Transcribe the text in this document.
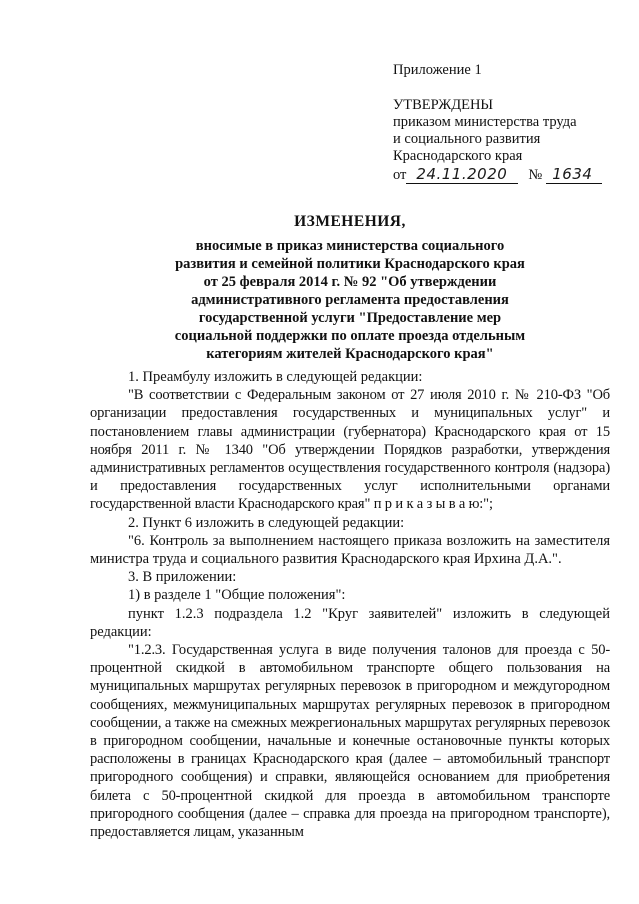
Приложение 1
УТВЕРЖДЕНЫ
приказом министерства труда
и социального развития
Краснодарского края
от 24.11.2020 № 1634
ИЗМЕНЕНИЯ,
вносимые в приказ министерства социального
развития и семейной политики Краснодарского края
от 25 февраля 2014 г. № 92 "Об утверждении
административного регламента предоставления
государственной услуги "Предоставление мер
социальной поддержки по оплате проезда отдельным
категориям жителей Краснодарского края"

1. Преамбулу изложить в следующей редакции:

"В соответствии с Федеральным законом от 27 июля 2010 г. № 210-ФЗ "Об организации предоставления государственных и муниципальных услуг" и постановлением главы администрации (губернатора) Краснодарского края от 15 ноября 2011 г. № 1340 "Об утверждении Порядков разработки, утверждения административных регламентов осуществления государственного контроля (надзора) и предоставления государственных услуг исполнительными органами государственной власти Краснодарского края" п р и к а з ы в а ю:";

2. Пункт 6 изложить в следующей редакции:

"6. Контроль за выполнением настоящего приказа возложить на заместителя министра труда и социального развития Краснодарского края Ирхина Д.А.".

3. В приложении:

1) в разделе 1 "Общие положения":

пункт 1.2.3 подраздела 1.2 "Круг заявителей" изложить в следующей редакции:

"1.2.3. Государственная услуга в виде получения талонов для проезда с 50-процентной скидкой в автомобильном транспорте общего пользования на муниципальных маршрутах регулярных перевозок в пригородном и междугородном сообщениях, межмуниципальных маршрутах регулярных перевозок в пригородном сообщении, а также на смежных межрегиональных маршрутах регулярных перевозок в пригородном сообщении, начальные и конечные остановочные пункты которых расположены в границах Краснодарского края (далее – автомобильный транспорт пригородного сообщения) и справки, являющейся основанием для приобретения билета с 50-процентной скидкой для проезда в автомобильном транспорте пригородного сообщения (далее – справка для проезда на пригородном транспорте), предоставляется лицам, указанным
